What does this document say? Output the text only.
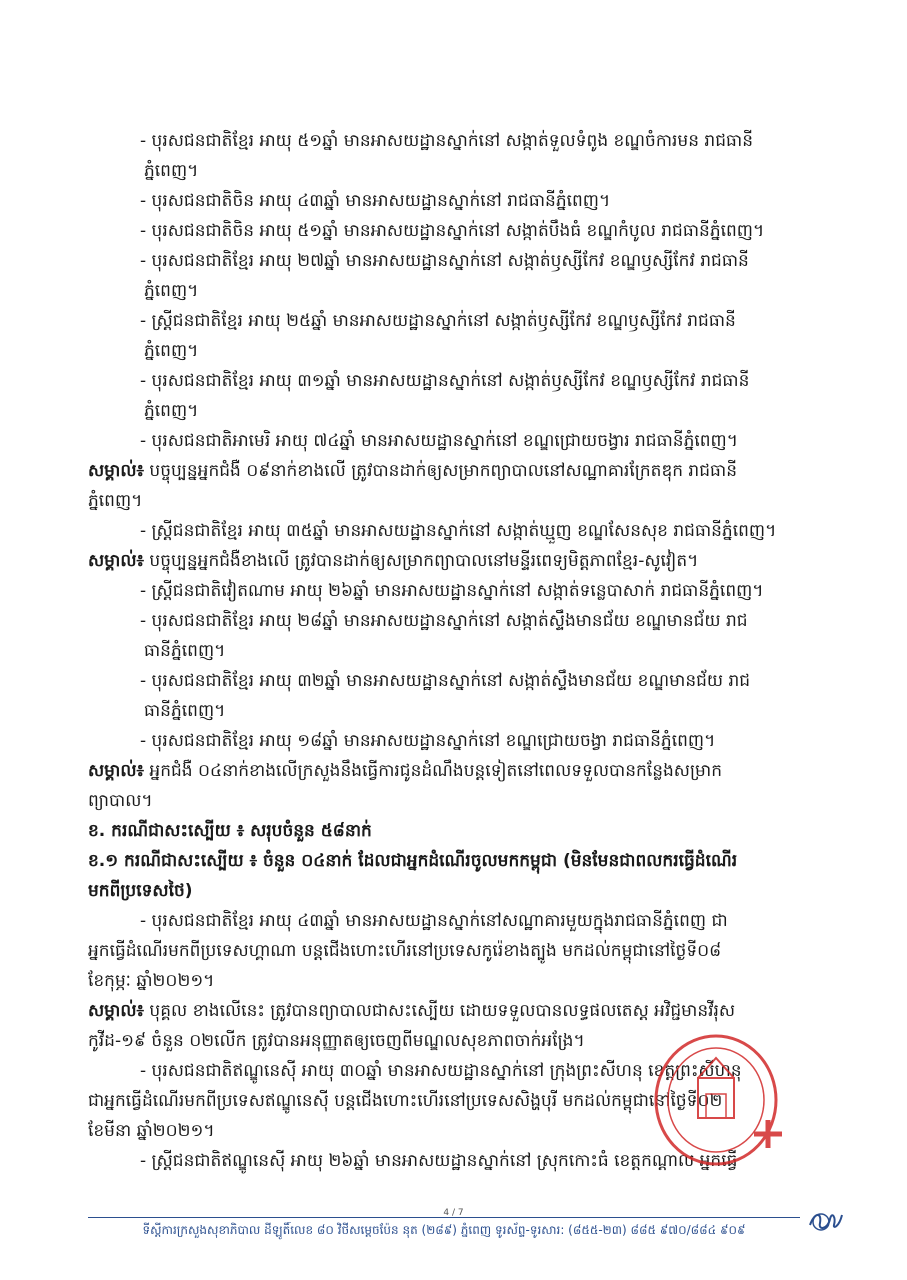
- បុរសជនជាតិខ្មែរ អាយុ ៥១ឆ្នាំ មានអាសយដ្ឋានស្នាក់នៅ សង្កាត់ទួលទំពូង ខណ្ឌចំការមន រាជធានី
ភ្នំពេញ។
- បុរសជនជាតិចិន អាយុ ៤៣ឆ្នាំ មានអាសយដ្ឋានស្នាក់នៅ រាជធានីភ្នំពេញ។
- បុរសជនជាតិចិន អាយុ ៥១ឆ្នាំ មានអាសយដ្ឋានស្នាក់នៅ សង្កាត់បឹងធំ ខណ្ឌកំបូល រាជធានីភ្នំពេញ។
- បុរសជនជាតិខ្មែរ អាយុ ២៧ឆ្នាំ មានអាសយដ្ឋានស្នាក់នៅ សង្កាត់ឫស្សីកែវ ខណ្ឌឫស្សីកែវ រាជធានី
ភ្នំពេញ។
- ស្ត្រីជនជាតិខ្មែរ អាយុ ២៥ឆ្នាំ មានអាសយដ្ឋានស្នាក់នៅ សង្កាត់ឫស្សីកែវ ខណ្ឌឫស្សីកែវ រាជធានី
ភ្នំពេញ។
- បុរសជនជាតិខ្មែរ អាយុ ៣១ឆ្នាំ មានអាសយដ្ឋានស្នាក់នៅ សង្កាត់ឫស្សីកែវ ខណ្ឌឫស្សីកែវ រាជធានី
ភ្នំពេញ។
- បុរសជនជាតិអាមេរិ អាយុ ៧៤ឆ្នាំ មានអាសយដ្ឋានស្នាក់នៅ ខណ្ឌជ្រោយចង្វារ រាជធានីភ្នំពេញ។
សម្គាល់៖ បច្ចុប្បន្នអ្នកជំងឺ ០៩នាក់ខាងលើ ត្រូវបានដាក់ឲ្យសម្រាកព្យាបាលនៅសណ្ឋាគារក្រែតឌុក រាជធានី
ភ្នំពេញ។
- ស្ត្រីជនជាតិខ្មែរ អាយុ ៣៥ឆ្នាំ មានអាសយដ្ឋានស្នាក់នៅ សង្កាត់ឃ្មួញ ខណ្ឌសែនសុខ រាជធានីភ្នំពេញ។
សម្គាល់៖ បច្ចុប្បន្នអ្នកជំងឺខាងលើ ត្រូវបានដាក់ឲ្យសម្រាកព្យាបាលនៅមន្ទីរពេទ្យមិត្តភាពខ្មែរ-សូវៀត។
- ស្ត្រីជនជាតិវៀតណាម អាយុ ២៦ឆ្នាំ មានអាសយដ្ឋានស្នាក់នៅ សង្កាត់ទន្លេបាសាក់ រាជធានីភ្នំពេញ។
- បុរសជនជាតិខ្មែរ អាយុ ២៨ឆ្នាំ មានអាសយដ្ឋានស្នាក់នៅ សង្កាត់ស្ទឹងមានជ័យ ខណ្ឌមានជ័យ រាជ
ធានីភ្នំពេញ។
- បុរសជនជាតិខ្មែរ អាយុ ៣២ឆ្នាំ មានអាសយដ្ឋានស្នាក់នៅ សង្កាត់ស្ទឹងមានជ័យ ខណ្ឌមានជ័យ រាជ
ធានីភ្នំពេញ។
- បុរសជនជាតិខ្មែរ អាយុ ១៨ឆ្នាំ មានអាសយដ្ឋានស្នាក់នៅ ខណ្ឌជ្រោយចង្វា រាជធានីភ្នំពេញ។
សម្គាល់៖ អ្នកជំងឺ ០៤នាក់ខាងលើក្រសួងនឹងធ្វើការជូនដំណឹងបន្តទៀតនៅពេលទទួលបានកន្លែងសម្រាក
ព្យាបាល។
ខ. ករណីជាសះស្បើយ ៖ សរុបចំនួន ៥៨នាក់
ខ.១ ករណីជាសះស្បើយ ៖ ចំនួន ០៤នាក់ ដែលជាអ្នកដំណើរចូលមកកម្ពុជា (មិនមែនជាពលករធ្វើដំណើរ
មកពីប្រទេសថៃ)
- បុរសជនជាតិខ្មែរ អាយុ ៤៣ឆ្នាំ មានអាសយដ្ឋានស្នាក់នៅសណ្ឋាគារមួយក្នុងរាជធានីភ្នំពេញ ជា
អ្នកធ្វើដំណើរមកពីប្រទេសហ្គាណា បន្តជើងហោះហើរនៅប្រទេសកូរ៉េខាងត្បូង មកដល់កម្ពុជានៅថ្ងៃទី០៨
ខែកុម្ភៈ ឆ្នាំ២០២១។
សម្គាល់៖ បុគ្គល ខាងលើនេះ ត្រូវបានព្យាបាលជាសះស្បើយ ដោយទទួលបានលទ្ធផលតេស្ត អវិជ្ជមានវីរុស
កូវីដ-១៩ ចំនួន ០២លើក ត្រូវបានអនុញ្ញាតឲ្យចេញពីមណ្ឌលសុខភាពចាក់អង្រែ។
- បុរសជនជាតិឥណ្ឌូនេស៊ី អាយុ ៣០ឆ្នាំ មានអាសយដ្ឋានស្នាក់នៅ ក្រុងព្រះសីហនុ ខេត្តព្រះសីហនុ
ជាអ្នកធ្វើដំណើរមកពីប្រទេសឥណ្ឌូនេស៊ី បន្តជើងហោះហើរនៅប្រទេសសិង្ហបុរី មកដល់កម្ពុជានៅថ្ងៃទី០២
ខែមីនា ឆ្នាំ២០២១។
- ស្ត្រីជនជាតិឥណ្ឌូនេស៊ី អាយុ ២៦ឆ្នាំ មានអាសយដ្ឋានស្នាក់នៅ ស្រុកកោះធំ ខេត្តកណ្ដាល អ្នកធ្វើ
4 / 7
ទីស្ដីការក្រសួងសុខាភិបាល ដីឡូតិ៍លេខ ៨០ វិថីសម្ដេចប៉ែន នុត (២៨៩) ភ្នំពេញ ទូរស័ព្ទ-ទូរសារ: (៨៥៥-២៣) ៨៨៥ ៩៧០/៨៨៤ ៩០៩
